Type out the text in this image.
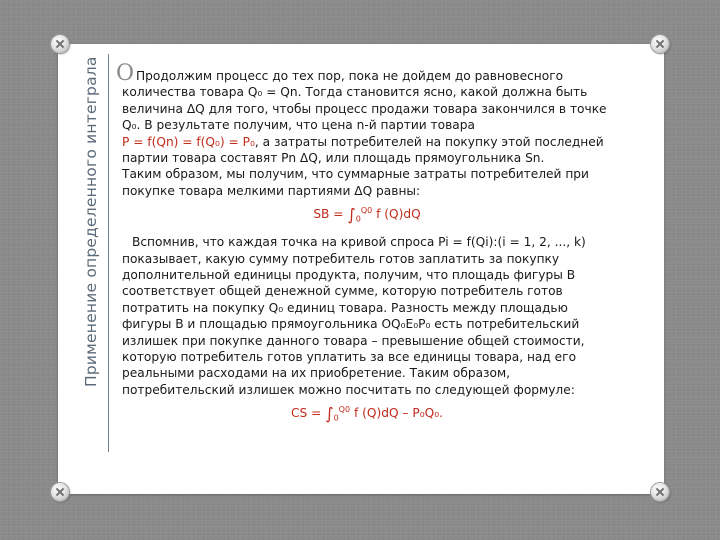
Применение определенного интеграла O Продолжим процесс до тех пор, пока не дойдем до равновесного количества товара Q₀ = Qn. Тогда становится ясно, какой должна быть величина ΔQ для того, чтобы процесс продажи товара закончился в точке Q₀. В результате получим, что цена n-й партии товара

P = f(Qn) = f(Q₀) = P₀, а затраты потребителей на покупку этой последней партии товара составят Pn ΔQ, или площадь прямоугольника Sn.

Таким образом, мы получим, что суммарные затраты потребителей при покупке товара мелкими партиями ΔQ равны:

SB = $\int_0^{Q0}$ f (Q)dQ

Вспомнив, что каждая точка на кривой спроса Pi = f(Qi):(i = 1, 2, ..., k)

показывает, какую сумму потребитель готов заплатить за покупку дополнительной единицы продукта, получим, что площадь фигуры В соответствует общей денежной сумме, которую потребитель готов потратить на покупку Q₀ единиц товара. Разность между площадью фигуры В и площадью прямоугольника OQ₀E₀P₀ есть потребительский излишек при покупке данного товара – превышение общей стоимости, которую потребитель готов уплатить за все единицы товара, над его реальными расходами на их приобретение. Таким образом, потребительский излишек можно посчитать по следующей формуле:

CS = $\int_0^{Q0}$ f (Q)dQ – P₀Q₀.
